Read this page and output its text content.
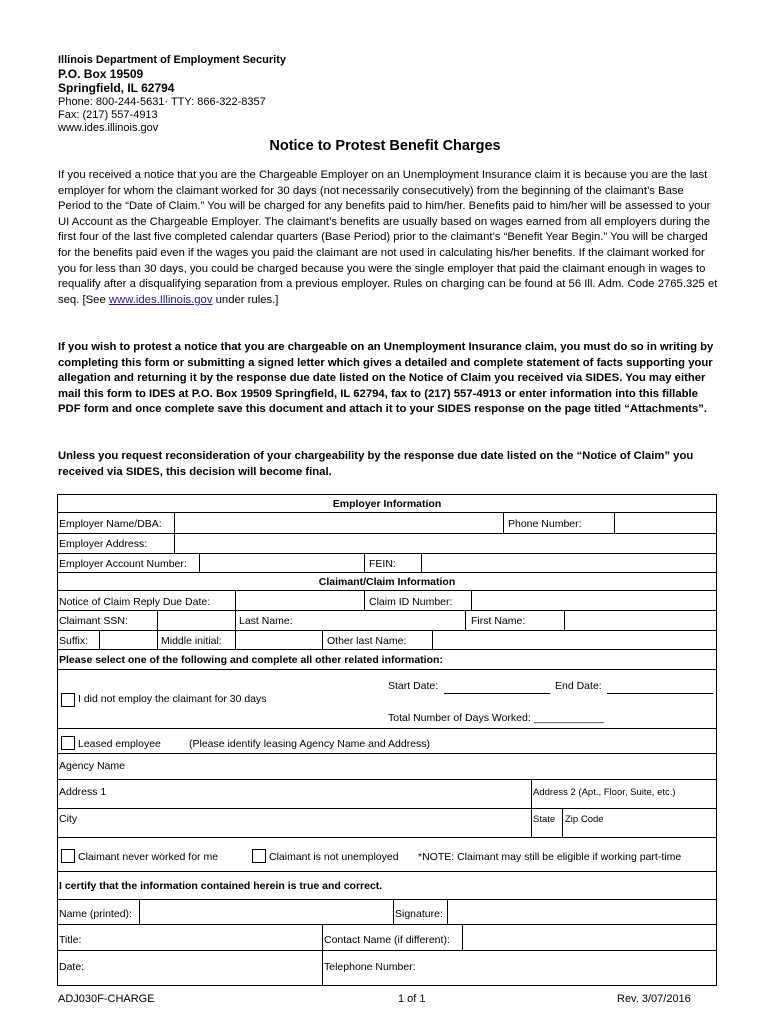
Illinois Department of Employment Security
P.O. Box 19509
Springfield, IL 62794
Phone: 800-244-5631· TTY: 866-322-8357
Fax: (217) 557-4913
www.ides.illinois.gov
Notice to Protest Benefit Charges
If you received a notice that you are the Chargeable Employer on an Unemployment Insurance claim it is because you are the last employer for whom the claimant worked for 30 days (not necessarily consecutively) from the beginning of the claimant’s Base Period to the “Date of Claim.” You will be charged for any benefits paid to him/her. Benefits paid to him/her will be assessed to your UI Account as the Chargeable Employer. The claimant’s benefits are usually based on wages earned from all employers during the first four of the last five completed calendar quarters (Base Period) prior to the claimant’s “Benefit Year Begin.” You will be charged for the benefits paid even if the wages you paid the claimant are not used in calculating his/her benefits. If the claimant worked for you for less than 30 days, you could be charged because you were the single employer that paid the claimant enough in wages to requalify after a disqualifying separation from a previous employer. Rules on charging can be found at 56 Ill. Adm. Code 2765.325 et seq. [See www.ides.Illinois.gov under rules.]
If you wish to protest a notice that you are chargeable on an Unemployment Insurance claim, you must do so in writing by completing this form or submitting a signed letter which gives a detailed and complete statement of facts supporting your allegation and returning it by the response due date listed on the Notice of Claim you received via SIDES. You may either mail this form to IDES at P.O. Box 19509 Springfield, IL 62794, fax to (217) 557-4913 or enter information into this fillable PDF form and once complete save this document and attach it to your SIDES response on the page titled “Attachments”.
Unless you request reconsideration of your chargeability by the response due date listed on the “Notice of Claim” you received via SIDES, this decision will become final.
Employer Information
Employer Name/DBA:	Phone Number:
Employer Address:
Employer Account Number:	FEIN:
Claimant/Claim Information
Notice of Claim Reply Due Date:	Claim ID Number:
Claimant SSN:	Last Name:	First Name:
Suffix:	Middle initial:	Other last Name:
Please select one of the following and complete all other related information:
Start Date:	End Date:
I did not employ the claimant for 30 days
Total Number of Days Worked: ____________
Leased employee	(Please identify leasing Agency Name and Address)
Agency Name
Address 1	Address 2 (Apt., Floor, Suite, etc.)
City	State Zip Code
Claimant never worked for me	Claimant is not unemployed *NOTE: Claimant may still be eligible if working part-time
I certify that the information contained herein is true and correct.
Name (printed):	Signature:
Title:	Contact Name (if different):
Date:	Telephone Number:
ADJ030F-CHARGE	1 of 1	Rev. 3/07/2016
